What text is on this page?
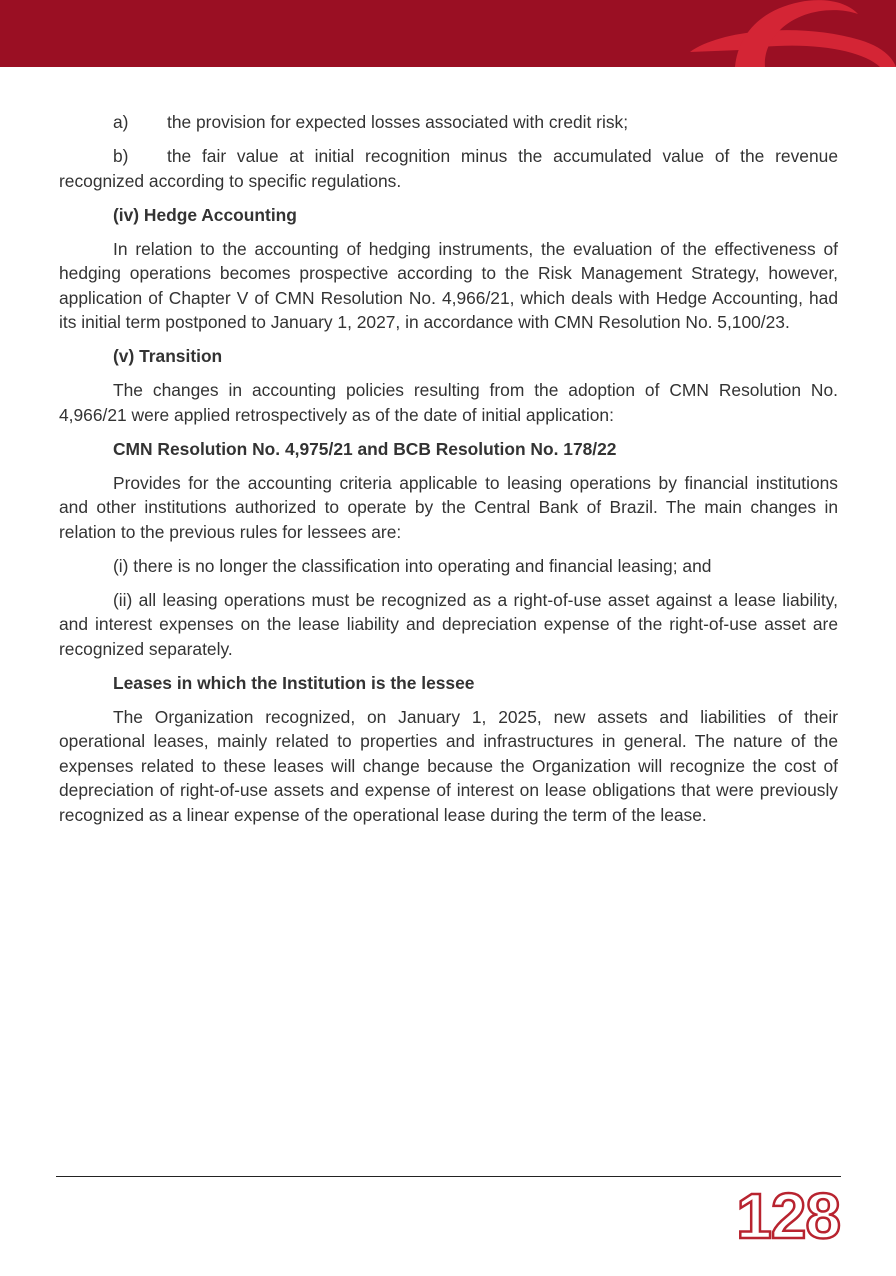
a) the provision for expected losses associated with credit risk;

b) the fair value at initial recognition minus the accumulated value of the revenue recognized according to specific regulations.

(iv) Hedge Accounting

In relation to the accounting of hedging instruments, the evaluation of the effectiveness of hedging operations becomes prospective according to the Risk Management Strategy, however, application of Chapter V of CMN Resolution No. 4,966/21, which deals with Hedge Accounting, had its initial term postponed to January 1, 2027, in accordance with CMN Resolution No. 5,100/23.

(v) Transition

The changes in accounting policies resulting from the adoption of CMN Resolution No. 4,966/21 were applied retrospectively as of the date of initial application:

CMN Resolution No. 4,975/21 and BCB Resolution No. 178/22

Provides for the accounting criteria applicable to leasing operations by financial institutions and other institutions authorized to operate by the Central Bank of Brazil. The main changes in relation to the previous rules for lessees are:

(i) there is no longer the classification into operating and financial leasing; and

(ii) all leasing operations must be recognized as a right-of-use asset against a lease liability, and interest expenses on the lease liability and depreciation expense of the right-of-use asset are recognized separately.

Leases in which the Institution is the lessee

The Organization recognized, on January 1, 2025, new assets and liabilities of their operational leases, mainly related to properties and infrastructures in general. The nature of the expenses related to these leases will change because the Organization will recognize the cost of depreciation of right-of-use assets and expense of interest on lease obligations that were previously recognized as a linear expense of the operational lease during the term of the lease.

128
